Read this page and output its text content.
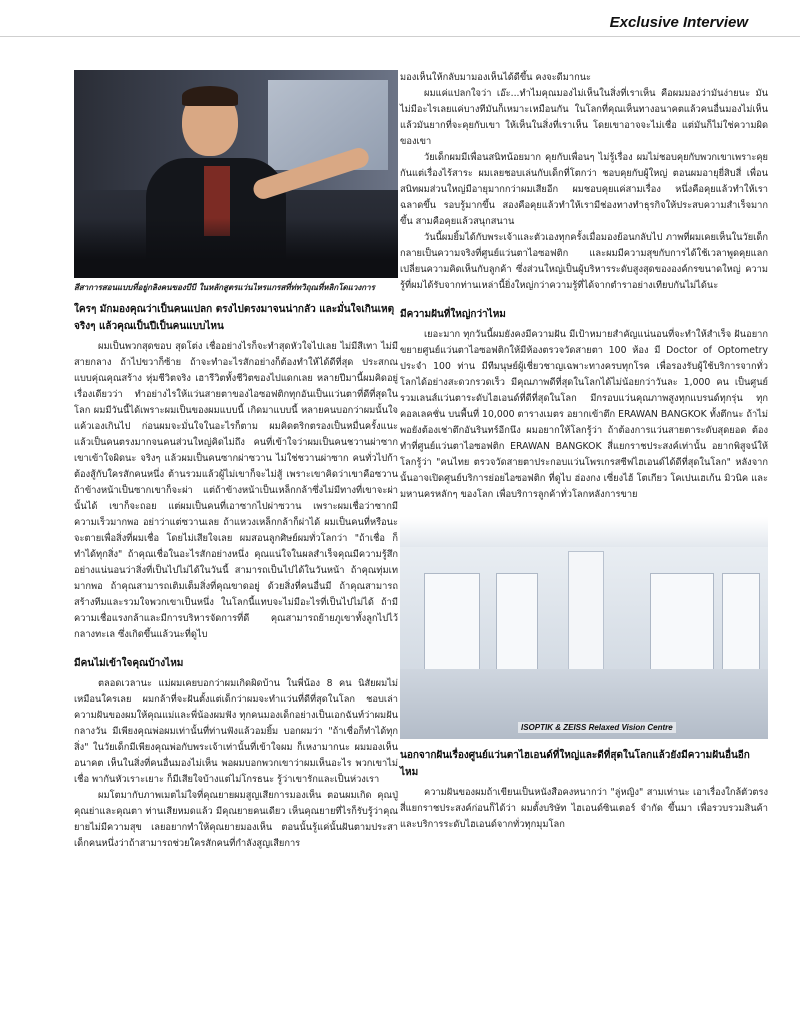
Exclusive Interview
สีสาการสอนแบบที่อยู่กลิงคนของบีบี ในหลักสูตรแว่นไหรแกรสที่ท่ทวิถุณที่หลิกโดแวงการ
ใครๆ มักมองคุณว่าเป็นคนแปลก ตรงไปตรงมาจนน่ากลัว และมั่นใจเกินเหตุจริงๆ แล้วคุณเป็นปีเป็นคนแบบไหน

ผมเป็นพวกสุดขอบ สุดโต่ง เชื่ออย่างไรก็จะทำสุดหัวใจไปเลย ไม่มีสีเทา ไม่มีสายกลาง ถ้าไปขวาก็ซ้าย ถ้าจะทำอะไรสักอย่างก็ต้องทำให้ได้ดีที่สุด ประสกณแบบคุ่ณคุณสร้าง หุ่มชีวิตจริง เฮารีวิตทั้งชีวิตของไปแดกเลย หลายปีมานี้ผมคิดอยู่เรื่องเดียวว่า ทำอย่างไรให้แว่นสายตาของไอซอฟติกทุกอันเป็นแว่นตาที่ดีที่สุดในโลก ผมมีวันนี้ได้เพราะผมเป็นของผมแบบนี้ เกิดมาแบบนี้ หลายคนบอกว่าผมนั้นใจแค้วเองเกินไป ก่อนผมจะมั่นใจในอะไรก็ตาม ผมคิดตริกตรองเป็นหมื่นครั้งแนะ แล้วเป็นคนตรงมากจนคนส่วนใหญ่คิดไม่ถึง คนที่เข้าใจว่าผมเป็นคนชวานผ่าซาก เขาเข้าใจผิดนะ จริงๆ แล้วผมเป็นคนซากผ่าซวาน ไม่ใช่ชวานผ่าซาก คนทั่วไปก้าต้องสู้กับใครสักคนหนึ่ง ต้านรวมแล้วผู้ไม่เขาก็จะไม่สู้ เพราะเขาคิดว่าเขาคือซวาน ถ้าข้างหน้าเป็นซากเขาก็จะผ่า แต่ถ้าข้างหน้าเป็นเหล็กกล้าซึ่งไม่มีทางที่เขาจะผ่านั้นได้ เขาก็จะถอย แต่ผมเป็นคนที่เอาซากไปผ่าซวาน เพราะผมเชื่อว่าซากมีความเร็วมากพอ อย่าว่าแต่ซวานเลย ถ้าแหวงเหล็กกล้าก็ผ่าได้ ผมเป็นคนที่หรือนะจะตายเพื่อสิ่งที่ผมเชื่อ โดยไม่เสียใจเลย ผมสอนลูกศิษย์ผมทั่วโลกว่า "ถ้าเชื่อ ก็ทำได้ทุกสิ่ง" ถ้าคุณเชื่อในอะไรสักอย่างหนึ่ง คุณแน่ใจในผลสำเร็จคุณมีความรู้สึกอย่างแน่นอนว่าสิ่งที่เป็นไปไม่ได้ในวันนี้ สามารถเป็นไปได้ในวันหน้า ถ้าคุณทุ่มเทมากพอ ถ้าคุณสามารถเติมเต็มสิ่งที่คุณขาดอยู่ ด้วยสิ่งที่คนอื่นมี ถ้าคุณสามารถสร้างทีมและรวมใจพวกเขาเป็นหนึ่ง ในโลกนี้แทบจะไม่มีอะไรที่เป็นไปไม่ได้ ถ้ามีความเชื่อแรงกล้าและมีการบริหารจัดการที่ดี คุณสามารถย้ายภูเขาทั้งลูกไปไว้กลางทะเล ซึ่งเกิดขึ้นแล้วนะที่ดูไบ

มีคนไม่เข้าใจคุณบ้างไหม

ตลอดเวลานะ แม่ผมเคยบอกว่าผมเกิดผิดบ้าน ในพี่น้อง 8 คน นิสัยผมไม่เหมือนใครเลย ผมกล้าที่จะฝันตั้งแต่เด็กว่าผมจะทำแว่นที่ดีที่สุดในโลก ชอบเล่าความฝันของผมให้คุณแม่และพี่น้องผมฟัง ทุกคนมองเด็กอย่างเป็นเอกฉันท์ว่าผมฝันกลางวัน มีเพียงคุณพ่อผมเท่านั้นที่ท่านฟังแล้วอมยิ้ม บอกผมว่า "ถ้าเชื่อก็ทำได้ทุกสิ่ง" ในวัยเด็กมีเพียงคุณพ่อกับพระเจ้าเท่านั้นที่เข้าใจผม ก็เหงามากนะ ผมมองเห็นอนาคต เห็นในสิ่งที่คนอื่นมองไม่เห็น พอผมบอกพวกเขาว่าผมเห็นอะไร พวกเขาไม่เชื่อ พากันหัวเราะเยาะ ก็มีเสียใจบ้างแต่ไม่โกรธนะ รู้ว่าเขารักและเป็นห่วงเรา

ผมโตมากับภาพเมตไม่ใจที่คุณยายผมสูญเสียการมองเห็น ตอนผมเกิด คุณปู่ คุณย่าและคุณตา ท่านเสียหมดแล้ว มีคุณยายคนเดียว เห็นคุณยายที่ไรก็รับรู้ว่าคุณยายไม่มีความสุข เลยอยากทำให้คุณยายมองเห็น ตอนนั้นรู้แค่นั้นฝันตามประสาเด็กคนหนึ่งว่าถ้าสามารถช่วยใครสักคนที่กำลังสูญเสียการ

มองเห็นให้กลับมามองเห็นได้ดีขึ้น คงจะดีมากนะ

ผมแค่แปลกใจว่า เอ๊ะ...ทำไมคุณมองไม่เห็นในสิ่งที่เราเห็น คือผมมองว่ามันง่ายนะ มันไม่มีอะไรเลยแค่บางทีมันก็เหมาะเหมือนกัน ในโลกที่คุณเห็นทางอนาคตแล้วคนอื่นมองไม่เห็น แล้วมันยากที่จะคุยกับเขา ให้เห็นในสิ่งที่เราเห็น โดยเขาอาจจะไม่เชื่อ แต่มันก็ไม่ใช่ความผิดของเขา

วัยเด็กผมมีเพื่อนสนิทน้อยมาก คุยกับเพื่อนๆ ไม่รู้เรื่อง ผมไม่ชอบคุยกับพวกเขาเพราะคุยกันแต่เรื่องไร้สาระ ผมเลยชอบเล่นกับเด็กที่โตกว่า ชอบคุยกับผู้ใหญ่ ตอนผมอายุยี่สิบสี่ เพื่อนสนิทผมส่วนใหญ่มีอายุมากกว่าผมเสียอีก ผมชอบคุยแค่สามเรื่อง หนึ่งคือคุยแล้วทำให้เราฉลาดขึ้น รอบรู้มากขึ้น สองคือคุยแล้วทำให้เรามีช่องทางทำธุรกิจให้ประสบความสำเร็จมากขึ้น สามคือคุยแล้วสนุกสนาน

วันนี้ผมยิ้มได้กับพระเจ้าและตัวเองทุกครั้งเมื่อมองย้อนกลับไป ภาพที่ผมเคยเห็นในวัยเด็กกลายเป็นความจริงที่ศูนย์แว่นตาไอซอฟติก และผมมีความสุขกับการได้ใช้เวลาพูดคุยแลกเปลี่ยนความคิดเห็นกับลูกค้า ซึ่งส่วนใหญ่เป็นผู้บริหารระดับสูงสุดขององค์กรขนาดใหญ่ ความรู้ที่ผมได้รับจากท่านเหล่านี้ยิ่งใหญ่กว่าความรู้ที่ได้จากตำราอย่างเทียบกันไม่ได้นะ

มีความฝันที่ใหญ่กว่าไหม

เยอะมาก ทุกวันนี้ผมยังคงมีความฝัน มีเป้าหมายสำคัญแน่นอนที่จะทำให้สำเร็จ ฝันอยากขยายศูนย์แว่นตาไอซอฟติกให้มีห้องตรวจวัดสายตา 100 ห้อง มี Doctor of Optometry ประจำ 100 ท่าน มีทีมนุษย์ผู้เชี่ยวชาญเฉพาะทางครบทุกโรค เพื่อรองรับผู้ใช้บริการจากทั่วโลกได้อย่างสะดวกรวดเร็ว มีคุณภาพดีที่สุดในโลกได้ไม่น้อยกว่าวันละ 1,000 คน เป็นศูนย์รวมเลนส์แว่นตาระดับไฮเอนด์ที่ดีที่สุดในโลก มีกรอบแว่นคุณภาพสูงทุกแบรนด์ทุกรุ่น ทุกคอลเลคชั่น บนพื้นที่ 10,000 ตารางเมตร อยากเข้าตึก ERAWAN BANGKOK ทั้งตึกนะ ถ้าไม่พอยังต้องเช่าตึกอันรินทร์อีกนึง ผมอยากให้โลกรู้ว่า ถ้าต้องการแว่นสายตาระดับสุดยอด ต้องทำที่ศูนย์แว่นตาไอซอฟติก ERAWAN BANGKOK สี่แยกราชประสงค์เท่านั้น อยากพิสูจน์ให้โลกรู้ว่า "คนไทย ตรวจวัดสายตาประกอบแว่นโพรเกรสซีฟไฮเอนด์ได้ดีที่สุดในโลก" หลังจากนั้นอาจเปิดศูนย์บริการย่อยไอซอฟติก ที่ดูไบ ฮ่องกง เซี่ยงไฮ้ โตเกียว โคเปนเฮเก้น มิวนิค และมหานครหลักๆ ของโลก เพื่อบริการลูกค้าทั่วโลกหลังการขาย

ISOPTIK & ZEISS Relaxed Vision Centre
นอกจากฝันเรื่องศูนย์แว่นตาไฮเอนด์ที่ใหญ่และดีที่สุดในโลกแล้วยังมีความฝันอื่นอีกไหม

ความฝันของผมถ้าเขียนเป็นหนังสือคงหนากว่า "ลู่หญิง" สามเท่านะ เอาเรื่องใกล้ตัวตรงสี่แยกราชประสงค์ก่อนก็ได้ว่า ผมตั้งบริษัท ไฮเอนด์ซินเตอร์ จำกัด ขึ้นมา เพื่อรวบรวมสินค้าและบริการระดับไฮเอนด์จากทั่วทุกมุมโลก
